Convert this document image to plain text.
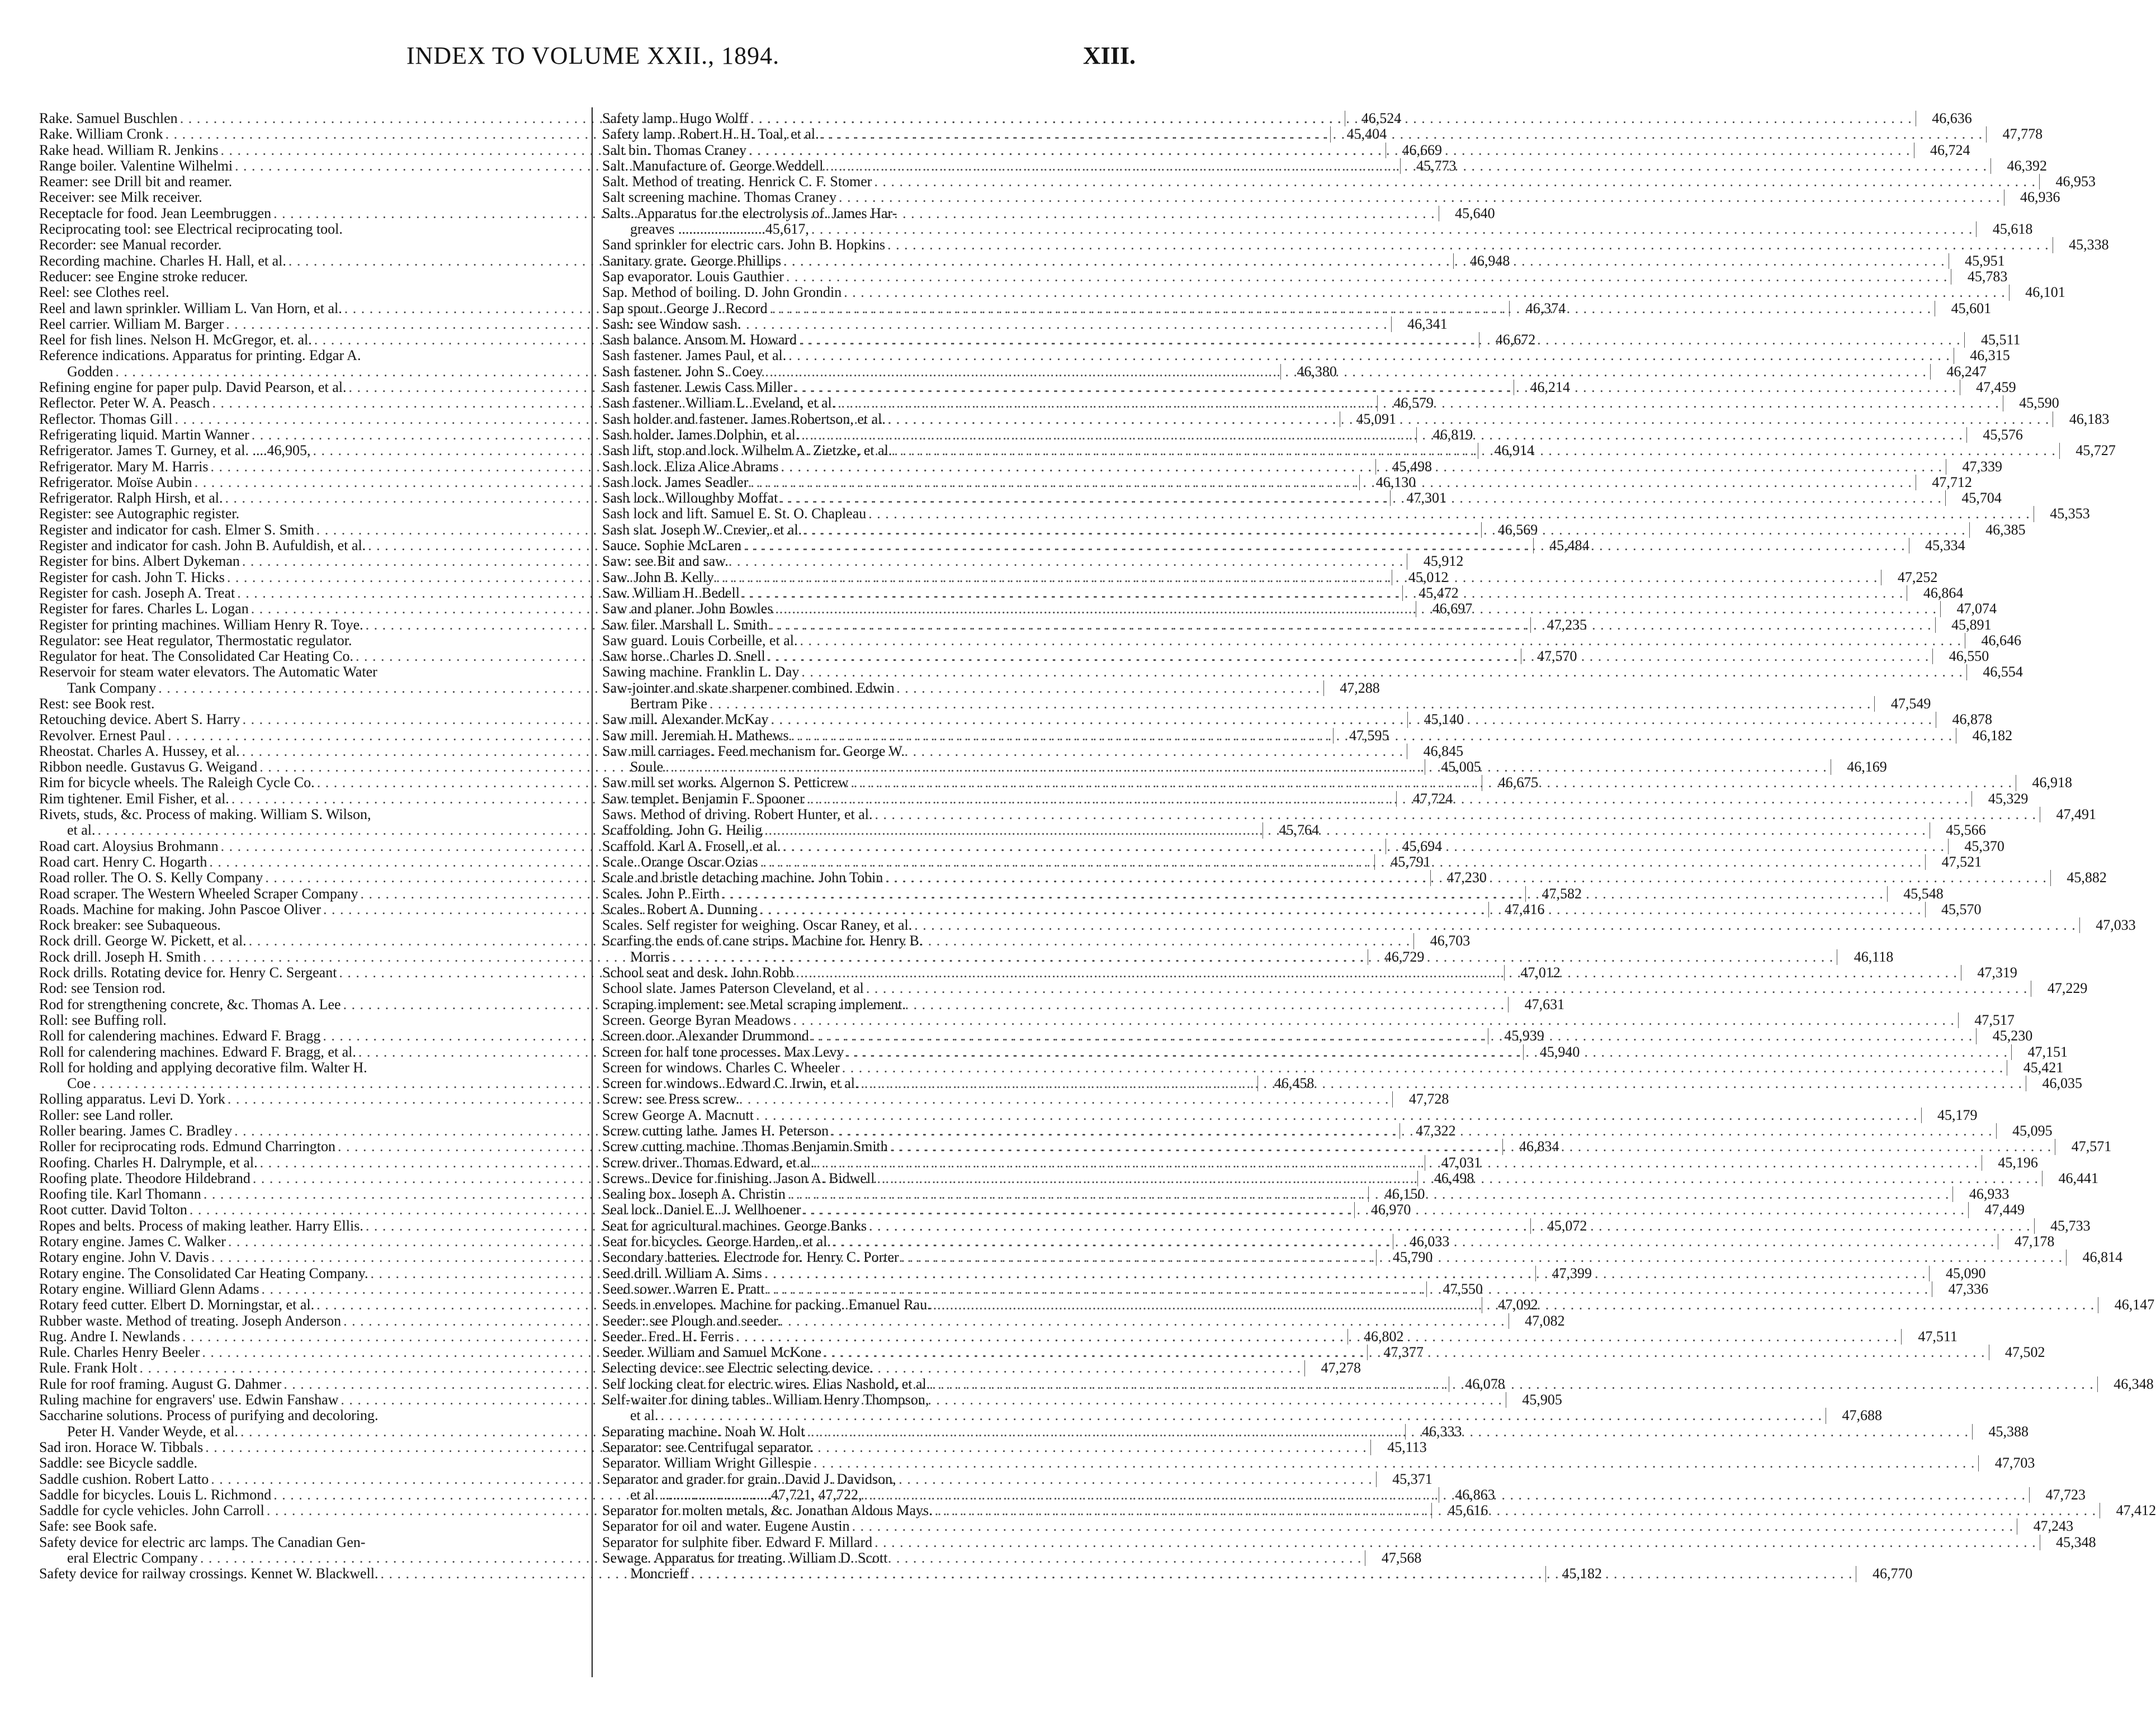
INDEX TO VOLUME XXII., 1894.	XIII.
Rake. Samuel Buschlen . . .	46,524
Rake. William Cronk . . .	45,404
Rake head. William R. Jenkins . . .	46,669
Range boiler. Valentine Wilhelmi . . .	45,773
Reamer: see Drill bit and reamer.
Receiver: see Milk receiver.
Receptacle for food. Jean Leembruggen . . .	45,640
Reciprocating tool: see Electrical reciprocating tool.
Recorder: see Manual recorder.
Recording machine. Charles H. Hall, et al. . . .	46,948
Reducer: see Engine stroke reducer.
Reel: see Clothes reel.
Reel and lawn sprinkler. William L. Van Horn, et al. . . .	46,374
Reel carrier. William M. Barger . . .	46,341
Reel for fish lines. Nelson H. McGregor, et. al. . . .	46,672
Reference indications. Apparatus for printing. Edgar A.
Godden . . .	46,380
Refining engine for paper pulp. David Pearson, et al. . . .	46,214
Reflector. Peter W. A. Peasch . . .	46,579
Reflector. Thomas Gill . . .	45,091
Refrigerating liquid. Martin Wanner . . .	46,819
Refrigerator. James T. Gurney, et al. ....46,905, . . .	46,914
Refrigerator. Mary M. Harris . . .	45,498
Refrigerator. Moïse Aubin . . .	46,130
Refrigerator. Ralph Hirsh, et al. . . .	47,301
Register: see Autographic register.
Register and indicator for cash. Elmer S. Smith . . .	46,569
Register and indicator for cash. John B. Aufuldish, et al. . . .	45,484
Register for bins. Albert Dykeman . . .	45,912
Register for cash. John T. Hicks . . .	45,012
Register for cash. Joseph A. Treat . . .	45,472
Register for fares. Charles L. Logan . . .	46,697
Register for printing machines. William Henry R. Toye. . . .	47,235
Regulator: see Heat regulator, Thermostatic regulator.
Regulator for heat. The Consolidated Car Heating Co. . . .	47,570
Reservoir for steam water elevators. The Automatic Water
Tank Company . . .	47,288
Rest: see Book rest.
Retouching device. Abert S. Harry . . .	45,140
Revolver. Ernest Paul . . .	47,595
Rheostat. Charles A. Hussey, et al. . . .	46,845
Ribbon needle. Gustavus G. Weigand . . .	45,005
Rim for bicycle wheels. The Raleigh Cycle Co. . . .	46,675
Rim tightener. Emil Fisher, et al. . . .	47,724
Rivets, studs, &c. Process of making. William S. Wilson,
et al. . . .	45,764
Road cart. Aloysius Brohmann . . .	45,694
Road cart. Henry C. Hogarth . . .	45,791
Road roller. The O. S. Kelly Company . . .	47,230
Road scraper. The Western Wheeled Scraper Company . . .	47,582
Roads. Machine for making. John Pascoe Oliver . . .	47,416
Rock breaker: see Subaqueous.
Rock drill. George W. Pickett, et al. . . .	46,703
Rock drill. Joseph H. Smith . . .	46,729
Rock drills. Rotating device for. Henry C. Sergeant . . .	47,012
Rod: see Tension rod.
Rod for strengthening concrete, &c. Thomas A. Lee . . .	47,631
Roll: see Buffing roll.
Roll for calendering machines. Edward F. Bragg . . .	45,939
Roll for calendering machines. Edward F. Bragg, et al. . . .	45,940
Roll for holding and applying decorative film. Walter H.
Coe . . .	46,458
Rolling apparatus. Levi D. York . . .	47,728
Roller: see Land roller.
Roller bearing. James C. Bradley . . .	47,322
Roller for reciprocating rods. Edmund Charrington . . .	46,834
Roofing. Charles H. Dalrymple, et al. . . .	47,031
Roofing plate. Theodore Hildebrand . . .	46,498
Roofing tile. Karl Thomann . . .	46,150
Root cutter. David Tolton . . .	46,970
Ropes and belts. Process of making leather. Harry Ellis. . . .	45,072
Rotary engine. James C. Walker . . .	46,033
Rotary engine. John V. Davis . . .	45,790
Rotary engine. The Consolidated Car Heating Company. . . .	47,399
Rotary engine. Williard Glenn Adams . . .	47,550
Rotary feed cutter. Elbert D. Morningstar, et al. . . .	47,092
Rubber waste. Method of treating. Joseph Anderson . . .	47,082
Rug. Andre I. Newlands . . .	46,802
Rule. Charles Henry Beeler . . .	47,377
Rule. Frank Holt . . .	47,278
Rule for roof framing. August G. Dahmer . . .	46,078
Ruling machine for engravers' use. Edwin Fanshaw . . .	45,905
Saccharine solutions. Process of purifying and decoloring.
Peter H. Vander Weyde, et al. . . .	46,333
Sad iron. Horace W. Tibbals . . .	45,113
Saddle: see Bicycle saddle.
Saddle cushion. Robert Latto . . .	45,371
Saddle for bicycles. Louis L. Richmond . . .	46,863
Saddle for cycle vehicles. John Carroll . . .	45,616
Safe: see Book safe.
Safety device for electric arc lamps. The Canadian Gen-
eral Electric Company . . .	47,568
Safety device for railway crossings. Kennet W. Blackwell. . . .	45,182
Safety lamp. Hugo Wolff . . .	46,636
Safety lamp. Robert H. H. Toal, et al. . . .	47,778
Salt bin. Thomas Craney . . .	46,724
Salt. Manufacture of. George Weddell . . .	46,392
Salt. Method of treating. Henrick C. F. Stomer . . .	46,953
Salt screening machine. Thomas Craney . . .	46,936
Salts. Apparatus for the electrolysis of. James Har-
greaves ........................45,617, . . .	45,618
Sand sprinkler for electric cars. John B. Hopkins . . .	45,338
Sanitary grate. George Phillips . . .	45,951
Sap evaporator. Louis Gauthier . . .	45,783
Sap. Method of boiling. D. John Grondin . . .	46,101
Sap spout. George J. Record . . .	45,601
Sash: see Window sash.
Sash balance. Ansom M. Howard . . .	45,511
Sash fastener. James Paul, et al. . . .	46,315
Sash fastener. John S. Coey . . .	46,247
Sash fastener. Lewis Cass Miller . . .	47,459
Sash fastener. William L. Eveland, et al. . . .	45,590
Sash holder and fastener. James Robertson, et al. . . .	46,183
Sash holder. James Dolphin, et al. . . .	45,576
Sash lift, stop and lock. Wilhelm A. Zietzke, et al. . . .	45,727
Sash lock. Eliza Alice Abrams . . .	47,339
Sash lock. James Seadler . . .	47,712
Sash lock. Willoughby Moffat . . .	45,704
Sash lock and lift. Samuel E. St. O. Chapleau . . .	45,353
Sash slat. Joseph W. Crevier, et al. . . .	46,385
Sauce. Sophie McLaren . . .	45,334
Saw: see Bit and saw.
Saw. John B. Kelly . . .	47,252
Saw. William H. Bedell . . .	46,864
Saw and planer. John Bowles . . .	47,074
Saw filer. Marshall L. Smith . . .	45,891
Saw guard. Louis Corbeille, et al. . . .	46,646
Saw horse. Charles D. Snell . . .	46,550
Sawing machine. Franklin L. Day . . .	46,554
Saw-jointer and skate sharpener combined. Edwin
Bertram Pike . . .	47,549
Saw mill. Alexander McKay . . .	46,878
Saw mill. Jeremiah H. Mathews . . .	46,182
Saw mill carriages. Feed mechanism for. George W.
Soule . . .	46,169
Saw mill set works. Algernon S. Petticrew . . .	46,918
Saw templet. Benjamin F. Spooner . . .	45,329
Saws. Method of driving. Robert Hunter, et al. . . .	47,491
Scaffolding. John G. Heilig . . .	45,566
Scaffold. Karl A. Frosell, et al. . . .	45,370
Scale. Orange Oscar Ozias . . .	47,521
Scale and bristle detaching machine. John Tobin . . .	45,882
Scales. John P. Firth . . .	45,548
Scales. Robert A. Dunning . . .	45,570
Scales. Self register for weighing. Oscar Raney, et al. . . .	47,033
Scarfing the ends of cane strips. Machine for. Henry B.
Morris . . .	46,118
School seat and desk. John Robb . . .	47,319
School slate. James Paterson Cleveland, et al . . .	47,229
Scraping implement: see Metal scraping implement.
Screen. George Byran Meadows . . .	47,517
Screen door. Alexander Drummond . . .	45,230
Screen for half tone processes. Max Levy . . .	47,151
Screen for windows. Charles C. Wheeler . . .	45,421
Screen for windows. Edward C. Irwin, et al. . . .	46,035
Screw: see Press screw.
Screw George A. Macnutt . . .	45,179
Screw cutting lathe. James H. Peterson . . .	45,095
Screw cutting machine. Thomas Benjamin Smith . . .	47,571
Screw driver. Thomas Edward, et al. . . .	45,196
Screws. Device for finishing. Jason A. Bidwell . . .	46,441
Sealing box. Joseph A. Christin . . .	46,933
Seal lock. Daniel E. J. Wellhoener . . .	47,449
Seat for agricultural machines. George Banks . . .	45,733
Seat for bicycles. George Harden, et al. . . .	47,178
Secondary batteries. Electrode for. Henry C. Porter . . .	46,814
Seed drill. William A. Sims . . .	45,090
Seed sower. Warren E. Pratt . . .	47,336
Seeds in envelopes. Machine for packing. Emanuel Rau. . . .	46,147
Seeder: see Plough and seeder.
Seeder. Fred. H. Ferris . . .	47,511
Seeder. William and Samuel McKone . . .	47,502
Selecting device: see Electric selecting device.
Self locking cleat for electric wires. Elias Nashold, et al. . . .	46,348
Self-waiter for dining tables. William Henry Thompson,
et al. . . .	47,688
Separating machine. Noah W. Holt . . .	45,388
Separator: see Centrifugal separator.
Separator. William Wright Gillespie . . .	47,703
Separator and grader for grain. David J. Davidson,
et al. ..............................47,721, 47,722, . . .	47,723
Separator for molten metals, &c. Jonathan Aldous Mays. . . .	47,412
Separator for oil and water. Eugene Austin . . .	47,243
Separator for sulphite fiber. Edward F. Millard . . .	45,348
Sewage. Apparatus for treating. William D. Scott
Moncrieff . . .	46,770
